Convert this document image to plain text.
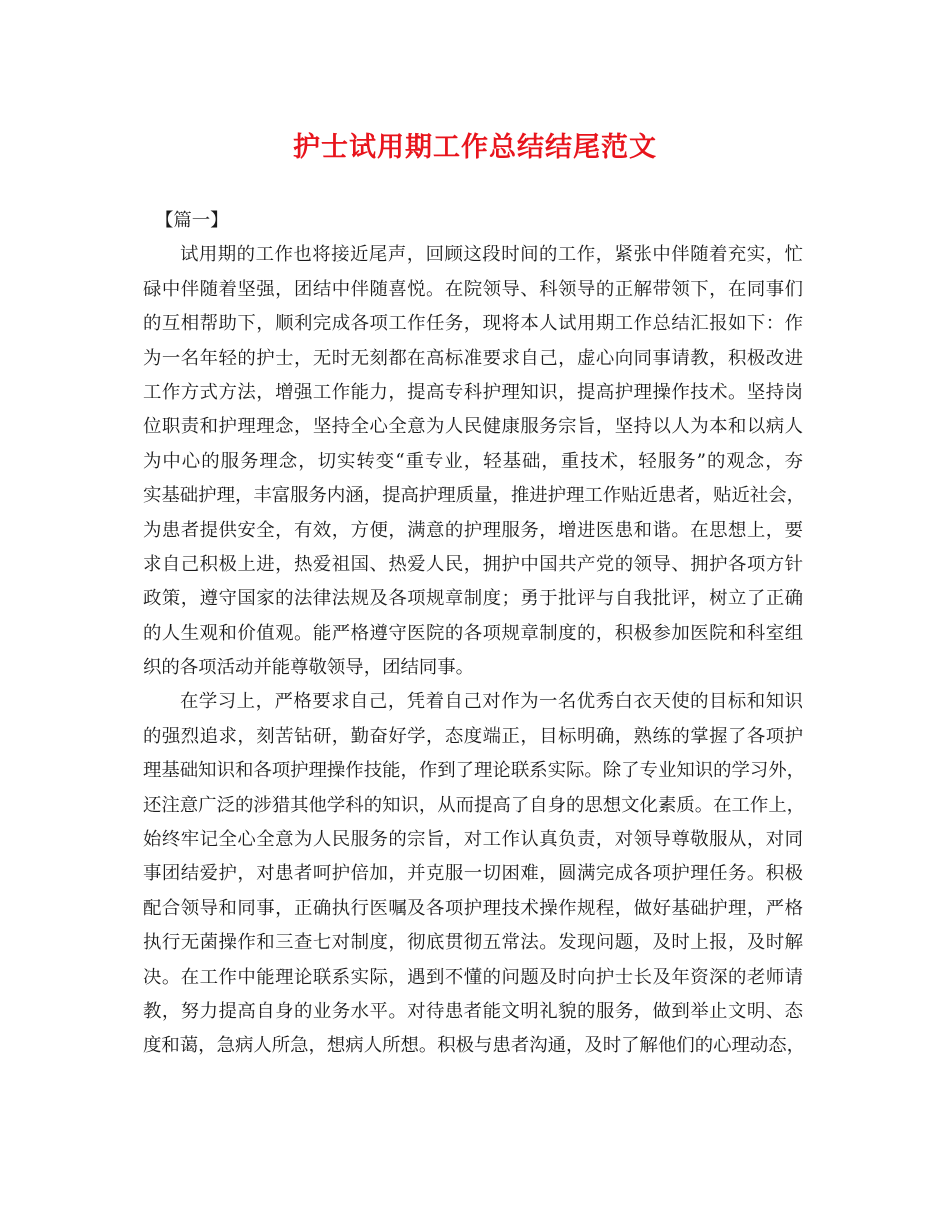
护士试用期工作总结结尾范文
【篇一】
试用期的工作也将接近尾声，回顾这段时间的工作，紧张中伴随着充实，忙
碌中伴随着坚强，团结中伴随喜悦。在院领导、科领导的正解带领下，在同事们
的互相帮助下，顺利完成各项工作任务，现将本人试用期工作总结汇报如下：作
为一名年轻的护士，无时无刻都在高标准要求自己，虚心向同事请教，积极改进
工作方式方法，增强工作能力，提高专科护理知识，提高护理操作技术。坚持岗
位职责和护理理念，坚持全心全意为人民健康服务宗旨，坚持以人为本和以病人
为中心的服务理念，切实转变“重专业，轻基础，重技术，轻服务”的观念，夯
实基础护理，丰富服务内涵，提高护理质量，推进护理工作贴近患者，贴近社会，
为患者提供安全，有效，方便，满意的护理服务，增进医患和谐。在思想上，要
求自己积极上进，热爱祖国、热爱人民，拥护中国共产党的领导、拥护各项方针
政策，遵守国家的法律法规及各项规章制度；勇于批评与自我批评，树立了正确
的人生观和价值观。能严格遵守医院的各项规章制度的，积极参加医院和科室组
织的各项活动并能尊敬领导，团结同事。
在学习上，严格要求自己，凭着自己对作为一名优秀白衣天使的目标和知识
的强烈追求，刻苦钻研，勤奋好学，态度端正，目标明确，熟练的掌握了各项护
理基础知识和各项护理操作技能，作到了理论联系实际。除了专业知识的学习外，
还注意广泛的涉猎其他学科的知识，从而提高了自身的思想文化素质。在工作上，
始终牢记全心全意为人民服务的宗旨，对工作认真负责，对领导尊敬服从，对同
事团结爱护，对患者呵护倍加，并克服一切困难，圆满完成各项护理任务。积极
配合领导和同事，正确执行医嘱及各项护理技术操作规程，做好基础护理，严格
执行无菌操作和三查七对制度，彻底贯彻五常法。发现问题，及时上报，及时解
决。在工作中能理论联系实际，遇到不懂的问题及时向护士长及年资深的老师请
教，努力提高自身的业务水平。对待患者能文明礼貌的服务，做到举止文明、态
度和蔼，急病人所急，想病人所想。积极与患者沟通，及时了解他们的心理动态，
